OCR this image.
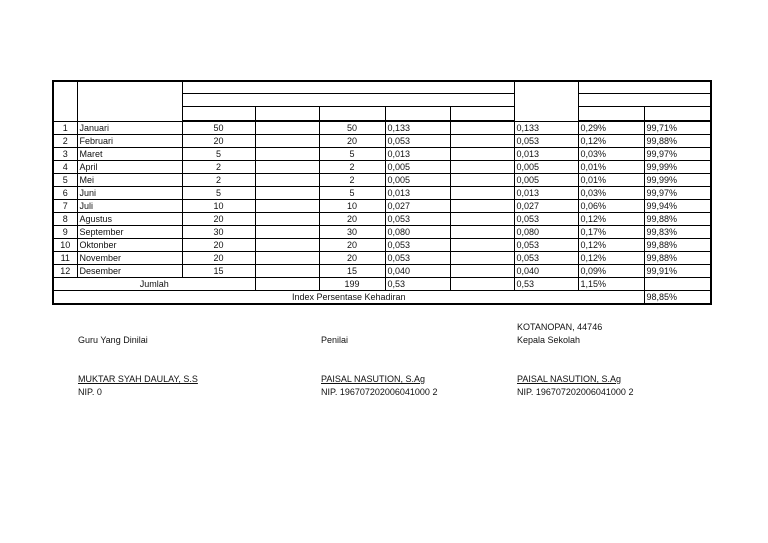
1	Januari	50		50	0,133		0,133	0,29%	99,71%
2	Februari	20		20	0,053		0,053	0,12%	99,88%
3	Maret	5		5	0,013		0,013	0,03%	99,97%
4	April	2		2	0,005		0,005	0,01%	99,99%
5	Mei	2		2	0,005		0,005	0,01%	99,99%
6	Juni	5		5	0,013		0,013	0,03%	99,97%
7	Juli	10		10	0,027		0,027	0,06%	99,94%
8	Agustus	20		20	0,053		0,053	0,12%	99,88%
9	September	30		30	0,080		0,080	0,17%	99,83%
10	Oktonber	20		20	0,053		0,053	0,12%	99,88%
11	November	20		20	0,053		0,053	0,12%	99,88%
12	Desember	15		15	0,040		0,040	0,09%	99,91%
Jumlah				199	0,53		0,53	1,15%	
Index Persentase Kehadiran									98,85%
KOTANOPAN, 44746
Guru Yang Dinilai	Penilai	Kepala Sekolah
MUKTAR SYAH DAULAY, S.S	PAISAL NASUTION, S.Ag	PAISAL NASUTION, S.Ag
NIP. 0	NIP. 196707202006041000 2	NIP. 196707202006041000 2
